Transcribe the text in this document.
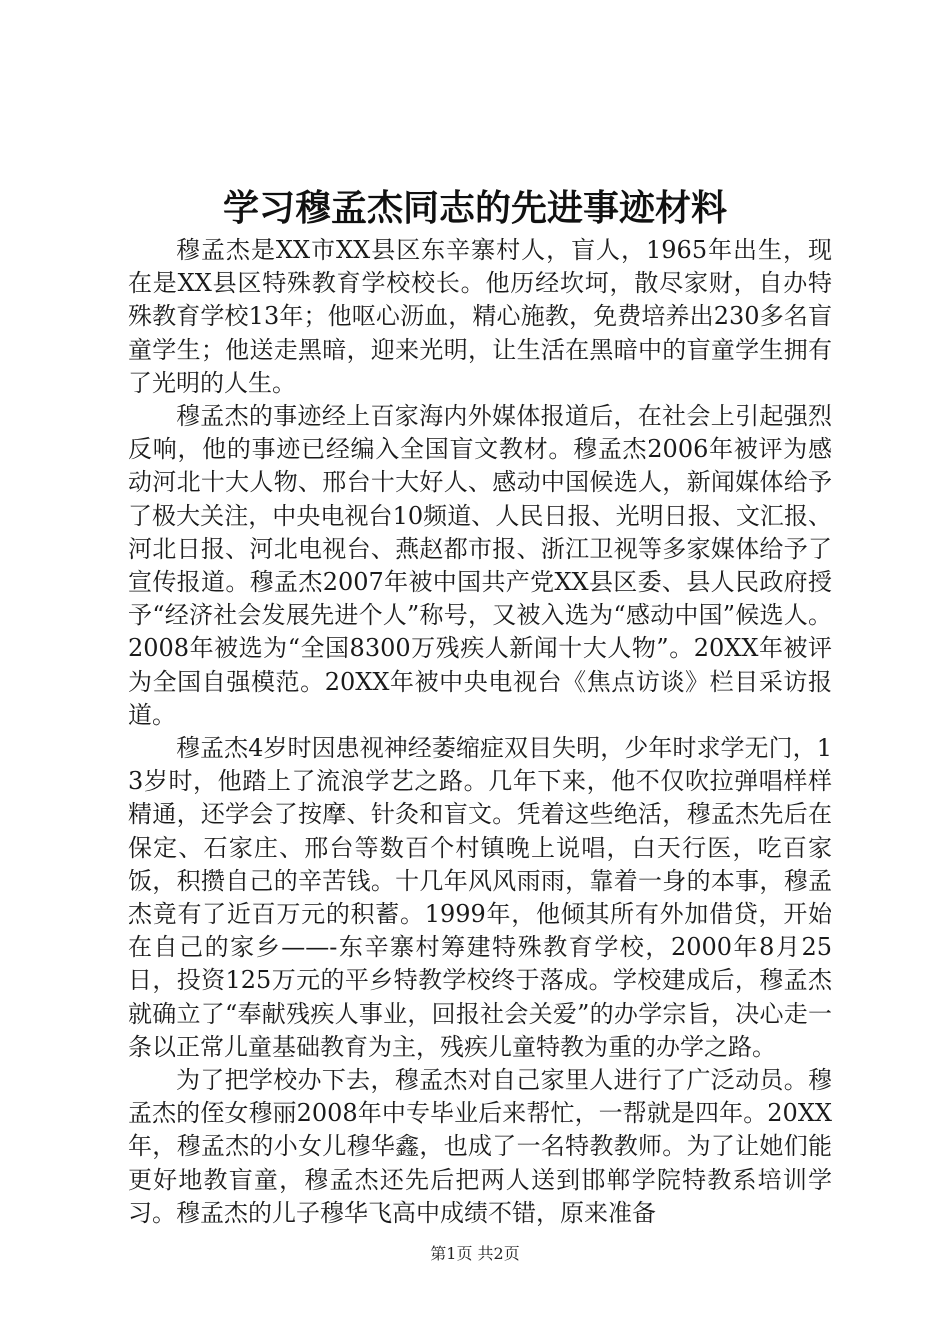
学习穆孟杰同志的先进事迹材料

穆孟杰是XX市XX县区东辛寨村人，盲人，1965年出生，现在是XX县区特殊教育学校校长。他历经坎坷，散尽家财，自办特殊教育学校13年；他呕心沥血，精心施教，免费培养出230多名盲童学生；他送走黑暗，迎来光明，让生活在黑暗中的盲童学生拥有了光明的人生。

穆孟杰的事迹经上百家海内外媒体报道后，在社会上引起强烈反响，他的事迹已经编入全国盲文教材。穆孟杰2006年被评为感动河北十大人物、邢台十大好人、感动中国候选人，新闻媒体给予了极大关注，中央电视台10频道、人民日报、光明日报、文汇报、河北日报、河北电视台、燕赵都市报、浙江卫视等多家媒体给予了宣传报道。穆孟杰2007年被中国共产党XX县区委、县人民政府授予“经济社会发展先进个人”称号，又被入选为“感动中国”候选人。2008年被选为“全国8300万残疾人新闻十大人物”。20XX年被评为全国自强模范。20XX年被中央电视台《焦点访谈》栏目采访报道。

穆孟杰4岁时因患视神经萎缩症双目失明，少年时求学无门，13岁时，他踏上了流浪学艺之路。几年下来，他不仅吹拉弹唱样样精通，还学会了按摩、针灸和盲文。凭着这些绝活，穆孟杰先后在保定、石家庄、邢台等数百个村镇晚上说唱，白天行医，吃百家饭，积攒自己的辛苦钱。十几年风风雨雨，靠着一身的本事，穆孟杰竟有了近百万元的积蓄。1999年，他倾其所有外加借贷，开始在自己的家乡——-东辛寨村筹建特殊教育学校，2000年8月25日，投资125万元的平乡特教学校终于落成。学校建成后，穆孟杰就确立了“奉献残疾人事业，回报社会关爱”的办学宗旨，决心走一条以正常儿童基础教育为主，残疾儿童特教为重的办学之路。

为了把学校办下去，穆孟杰对自己家里人进行了广泛动员。穆孟杰的侄女穆丽2008年中专毕业后来帮忙，一帮就是四年。20XX年，穆孟杰的小女儿穆华鑫，也成了一名特教教师。为了让她们能更好地教盲童，穆孟杰还先后把两人送到邯郸学院特教系培训学习。穆孟杰的儿子穆华飞高中成绩不错，原来准备

第1页 共2页
